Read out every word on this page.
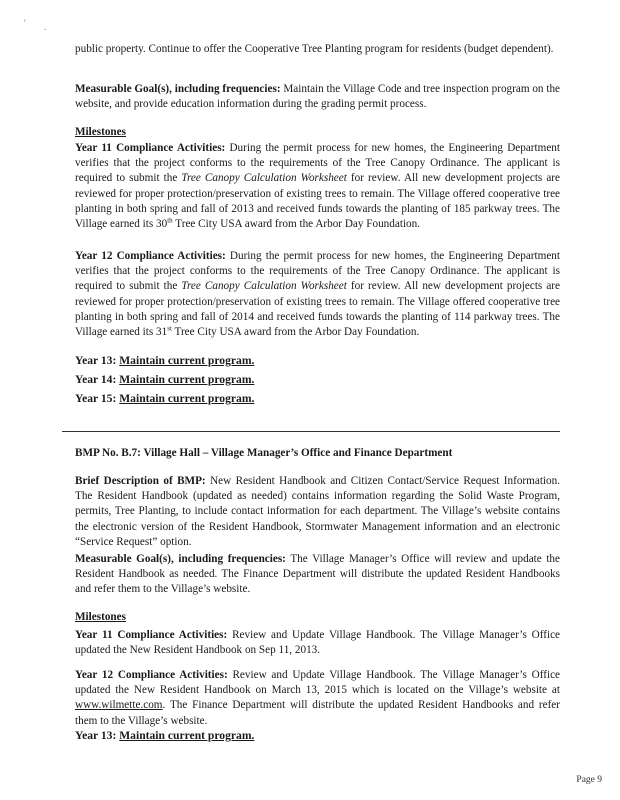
' .
public property. Continue to offer the Cooperative Tree Planting program for residents (budget dependent).
Measurable Goal(s), including frequencies: Maintain the Village Code and tree inspection program on the website, and provide education information during the grading permit process.
Milestones
Year 11 Compliance Activities: During the permit process for new homes, the Engineering Department verifies that the project conforms to the requirements of the Tree Canopy Ordinance. The applicant is required to submit the Tree Canopy Calculation Worksheet for review. All new development projects are reviewed for proper protection/preservation of existing trees to remain. The Village offered cooperative tree planting in both spring and fall of 2013 and received funds towards the planting of 185 parkway trees. The Village earned its 30th Tree City USA award from the Arbor Day Foundation.
Year 12 Compliance Activities: During the permit process for new homes, the Engineering Department verifies that the project conforms to the requirements of the Tree Canopy Ordinance. The applicant is required to submit the Tree Canopy Calculation Worksheet for review. All new development projects are reviewed for proper protection/preservation of existing trees to remain. The Village offered cooperative tree planting in both spring and fall of 2014 and received funds towards the planting of 114 parkway trees. The Village earned its 31st Tree City USA award from the Arbor Day Foundation.
Year 13: Maintain current program.
Year 14: Maintain current program.
Year 15: Maintain current program.
BMP No. B.7: Village Hall – Village Manager’s Office and Finance Department
Brief Description of BMP: New Resident Handbook and Citizen Contact/Service Request Information. The Resident Handbook (updated as needed) contains information regarding the Solid Waste Program, permits, Tree Planting, to include contact information for each department. The Village’s website contains the electronic version of the Resident Handbook, Stormwater Management information and an electronic “Service Request” option.
Measurable Goal(s), including frequencies: The Village Manager’s Office will review and update the Resident Handbook as needed. The Finance Department will distribute the updated Resident Handbooks and refer them to the Village’s website.
Milestones
Year 11 Compliance Activities: Review and Update Village Handbook. The Village Manager’s Office updated the New Resident Handbook on Sep 11, 2013.
Year 12 Compliance Activities: Review and Update Village Handbook. The Village Manager’s Office updated the New Resident Handbook on March 13, 2015 which is located on the Village’s website at www.wilmette.com. The Finance Department will distribute the updated Resident Handbooks and refer them to the Village’s website.
Year 13: Maintain current program.
Page 9
